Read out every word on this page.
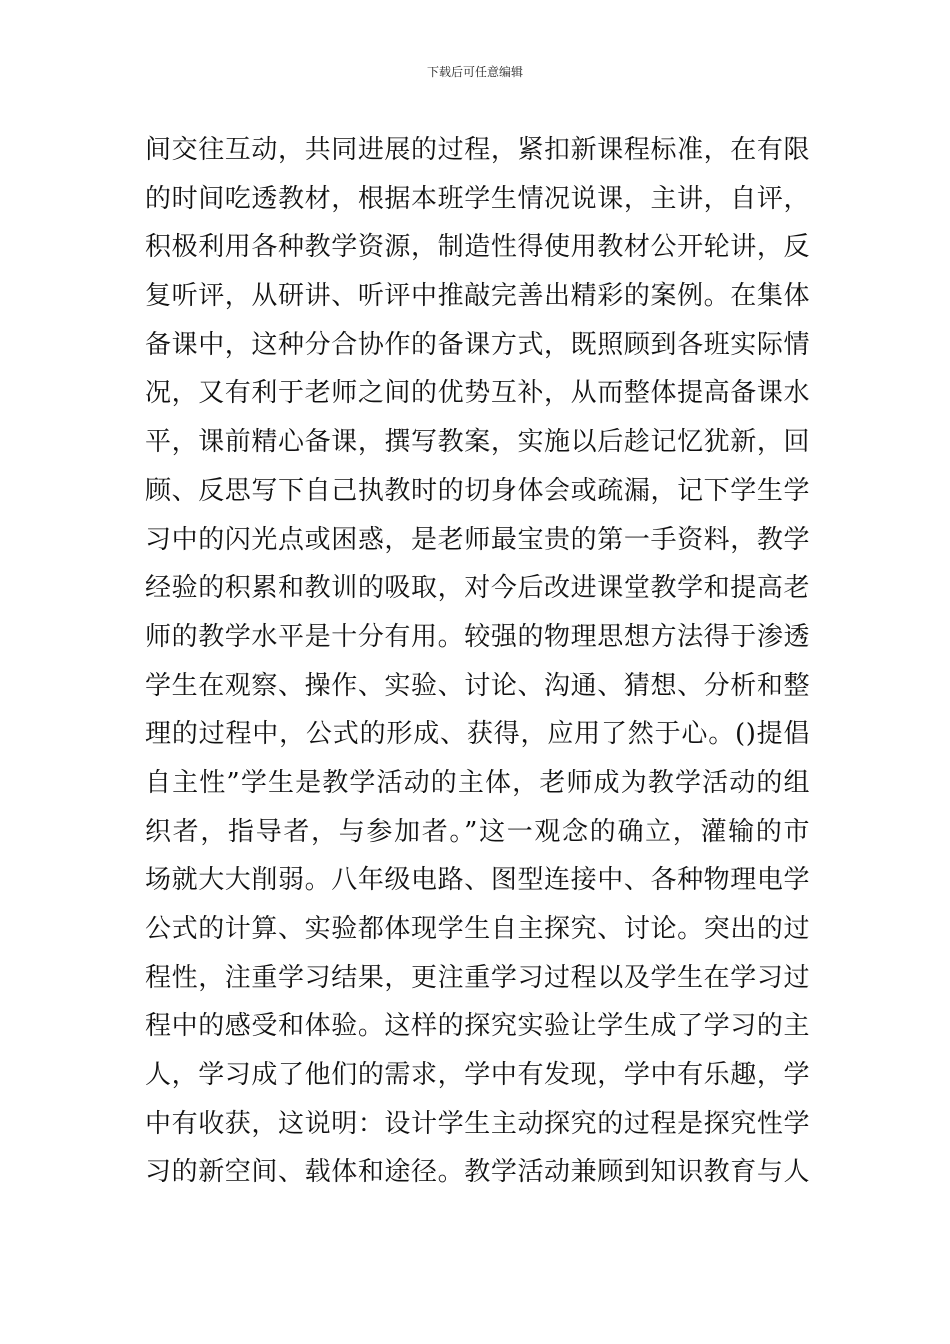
下载后可任意编辑
间交往互动，共同进展的过程，紧扣新课程标准，在有限
的时间吃透教材，根据本班学生情况说课，主讲，自评，
积极利用各种教学资源，制造性得使用教材公开轮讲，反
复听评，从研讲、听评中推敲完善出精彩的案例。在集体
备课中，这种分合协作的备课方式，既照顾到各班实际情
况，又有利于老师之间的优势互补，从而整体提高备课水
平，课前精心备课，撰写教案，实施以后趁记忆犹新，回
顾、反思写下自己执教时的切身体会或疏漏，记下学生学
习中的闪光点或困惑，是老师最宝贵的第一手资料，教学
经验的积累和教训的吸取，对今后改进课堂教学和提高老
师的教学水平是十分有用。较强的物理思想方法得于渗透
学生在观察、操作、实验、讨论、沟通、猜想、分析和整
理的过程中，公式的形成、获得，应用了然于心。()提倡
自主性”学生是教学活动的主体，老师成为教学活动的组
织者，指导者，与参加者。”这一观念的确立，灌输的市
场就大大削弱。八年级电路、图型连接中、各种物理电学
公式的计算、实验都体现学生自主探究、讨论。突出的过
程性，注重学习结果，更注重学习过程以及学生在学习过
程中的感受和体验。这样的探究实验让学生成了学习的主
人，学习成了他们的需求，学中有发现，学中有乐趣，学
中有收获，这说明：设计学生主动探究的过程是探究性学
习的新空间、载体和途径。教学活动兼顾到知识教育与人
